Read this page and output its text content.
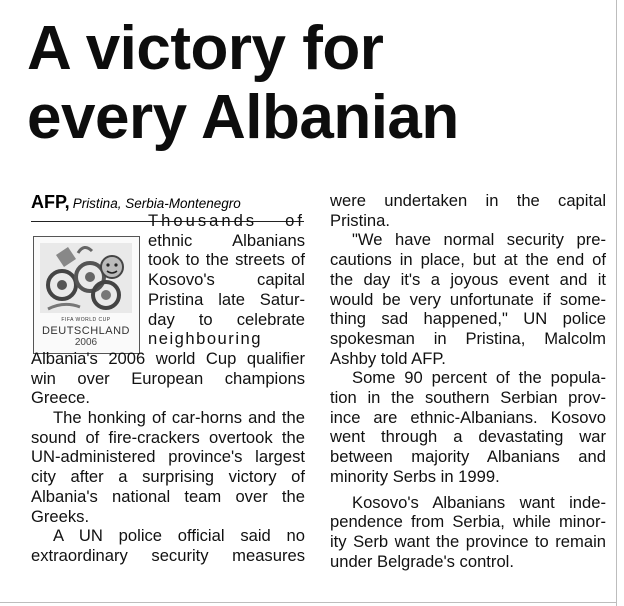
A victory for
every Albanian
AFP, Pristina, Serbia-Montenegro
FIFA WORLD CUP
DEUTSCHLAND
2006

Thousands of
ethnic Albanians
took to the streets of
Kosovo's capital
Pristina late Satur-
day to celebrate
neighbouring
Albania's 2006 world Cup qualifier
win over European champions
Greece.

The honking of car-horns and the
sound of fire-crackers overtook the
UN-administered province's largest
city after a surprising victory of
Albania's national team over the
Greeks.

A UN police official said no
extraordinary security measures

were undertaken in the capital
Pristina.

"We have normal security pre-
cautions in place, but at the end of
the day it's a joyous event and it
would be very unfortunate if some-
thing sad happened," UN police
spokesman in Pristina, Malcolm
Ashby told AFP.

Some 90 percent of the popula-
tion in the southern Serbian prov-
ince are ethnic-Albanians. Kosovo
went through a devastating war
between majority Albanians and
minority Serbs in 1999.

Kosovo's Albanians want inde-
pendence from Serbia, while minor-
ity Serb want the province to remain
under Belgrade's control.
